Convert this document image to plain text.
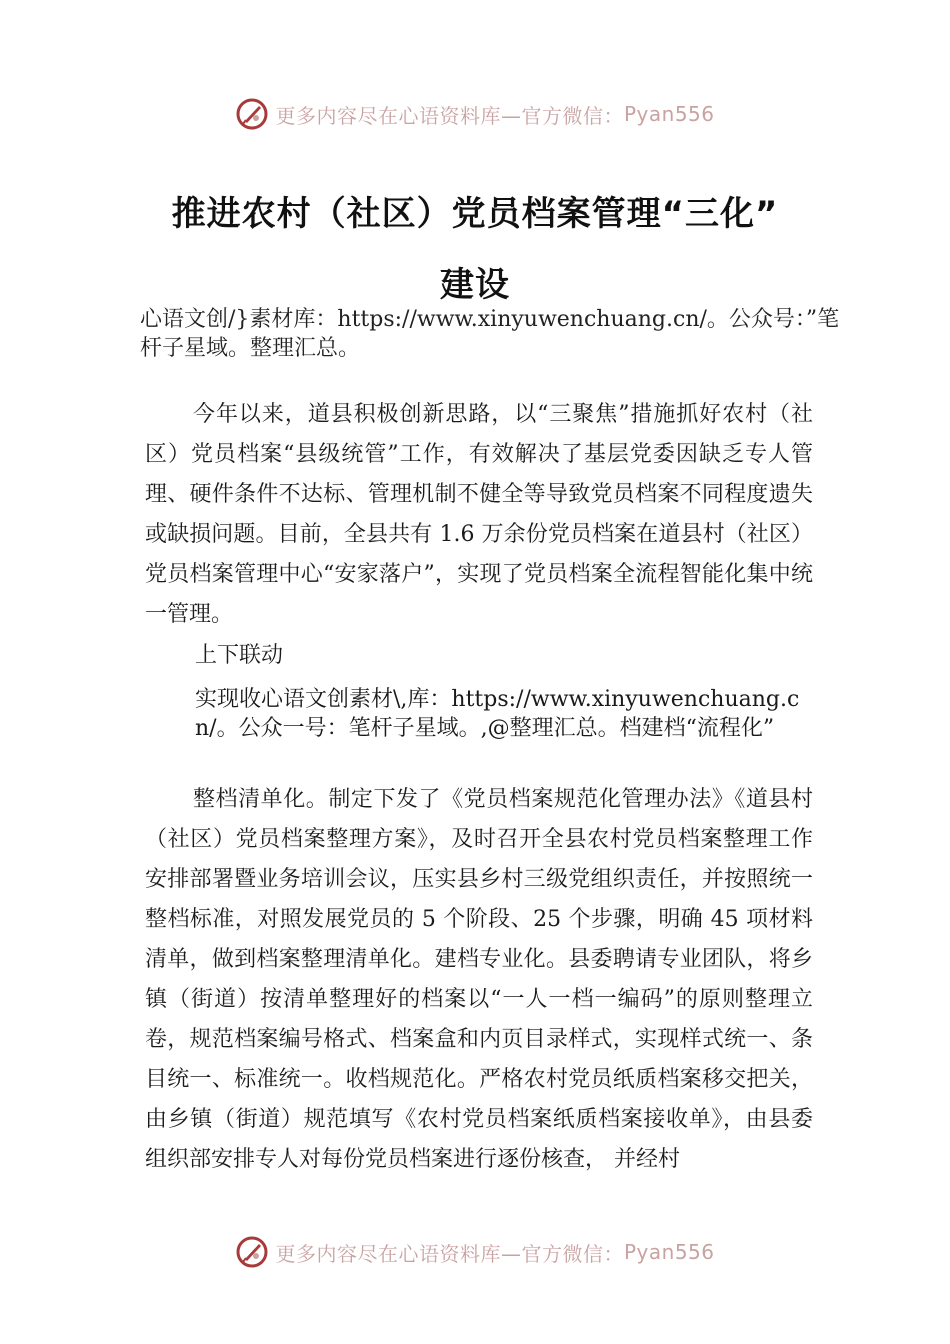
更多内容尽在心语资料库—官方微信： Pyan556
推进农村（社区）党员档案管理“三化”
建设
心语文创/}素材库：https://www.xinyuwenchuang.cn/。公众号：”笔杆子星域。整理汇总。

今年以来，道县积极创新思路，以“三聚焦”措施抓好农村（社区）党员档案“县级统管”工作，有效解决了基层党委因缺乏专人管理、硬件条件不达标、管理机制不健全等导致党员档案不同程度遗失或缺损问题。目前，全县共有 1.6 万余份党员档案在道县村（社区）党员档案管理中心“安家落户”，实现了党员档案全流程智能化集中统一管理。

上下联动

实现收心语文创素材\,库：https://www.xinyuwenchuang.cn/。公众一号：笔杆子星域。,@整理汇总。档建档“流程化”

整档清单化。制定下发了《党员档案规范化管理办法》《道县村（社区）党员档案整理方案》，及时召开全县农村党员档案整理工作安排部署暨业务培训会议，压实县乡村三级党组织责任，并按照统一整档标准，对照发展党员的 5 个阶段、25 个步骤，明确 45 项材料清单，做到档案整理清单化。建档专业化。县委聘请专业团队，将乡镇（街道）按清单整理好的档案以“一人一档一编码”的原则整理立卷，规范档案编号格式、档案盒和内页目录样式，实现样式统一、条目统一、标准统一。收档规范化。严格农村党员纸质档案移交把关，由乡镇（街道）规范填写《农村党员档案纸质档案接收单》，由县委组织部安排专人对每份党员档案进行逐份核查， 并经村

更多内容尽在心语资料库—官方微信： Pyan556
